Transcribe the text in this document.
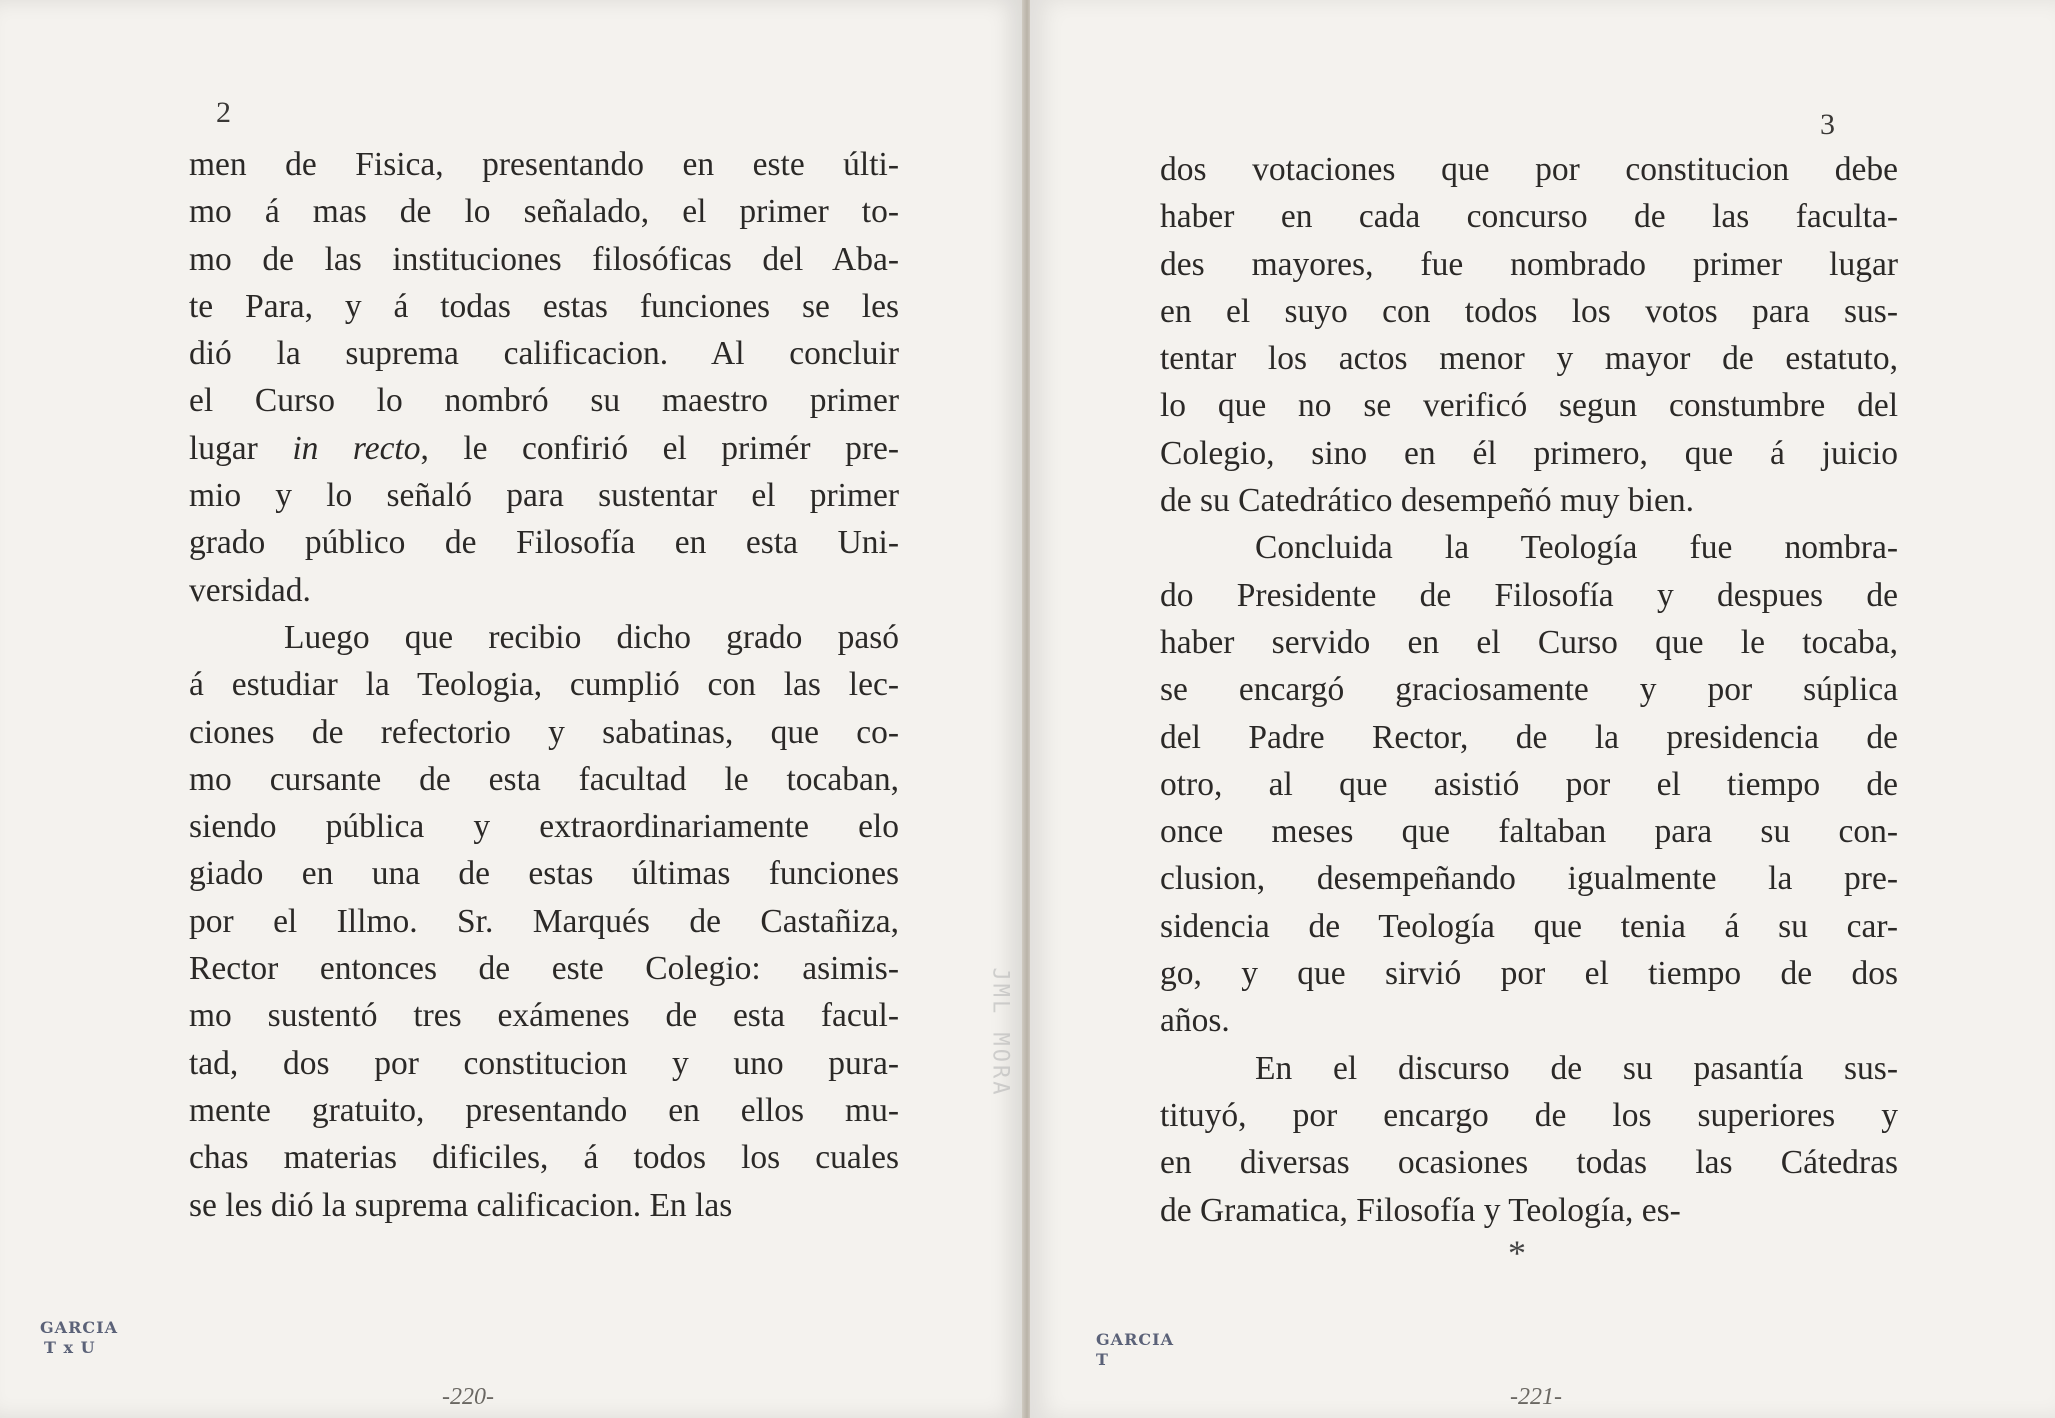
2
men de Fisica, presentando en este últi-
mo á mas de lo señalado, el primer to-
mo de las instituciones filosóficas del Aba-
te Para, y á todas estas funciones se les
dió la suprema calificacion. Al concluir
el Curso lo nombró su maestro primer
lugar in recto, le confirió el primér pre-
mio y lo señaló para sustentar el primer
grado público de Filosofía en esta Uni-
versidad.
Luego que recibio dicho grado pasó
á estudiar la Teologia, cumplió con las lec-
ciones de refectorio y sabatinas, que co-
mo cursante de esta facultad le tocaban,
siendo pública y extraordinariamente elo
giado en una de estas últimas funciones
por el Illmo. Sr. Marqués de Castañiza,
Rector entonces de este Colegio: asimis-
mo sustentó tres exámenes de esta facul-
tad, dos por constitucion y uno pura-
mente gratuito, presentando en ellos mu-
chas materias dificiles, á todos los cuales
se les dió la suprema calificacion. En las
GARCIA
T x U
-220-
JML MORA
3
dos votaciones que por constitucion debe
haber en cada concurso de las faculta-
des mayores, fue nombrado primer lugar
en el suyo con todos los votos para sus-
tentar los actos menor y mayor de estatuto,
lo que no se verificó segun constumbre del
Colegio, sino en él primero, que á juicio
de su Catedrático desempeñó muy bien.
Concluida la Teología fue nombra-
do Presidente de Filosofía y despues de
haber servido en el Curso que le tocaba,
se encargó graciosamente y por súplica
del Padre Rector, de la presidencia de
otro, al que asistió por el tiempo de
once meses que faltaban para su con-
clusion, desempeñando igualmente la pre-
sidencia de Teología que tenia á su car-
go, y que sirvió por el tiempo de dos
años.
En el discurso de su pasantía sus-
tituyó, por encargo de los superiores y
en diversas ocasiones todas las Cátedras
de Gramatica, Filosofía y Teología, es-
*
GARCIA
T
-221-
